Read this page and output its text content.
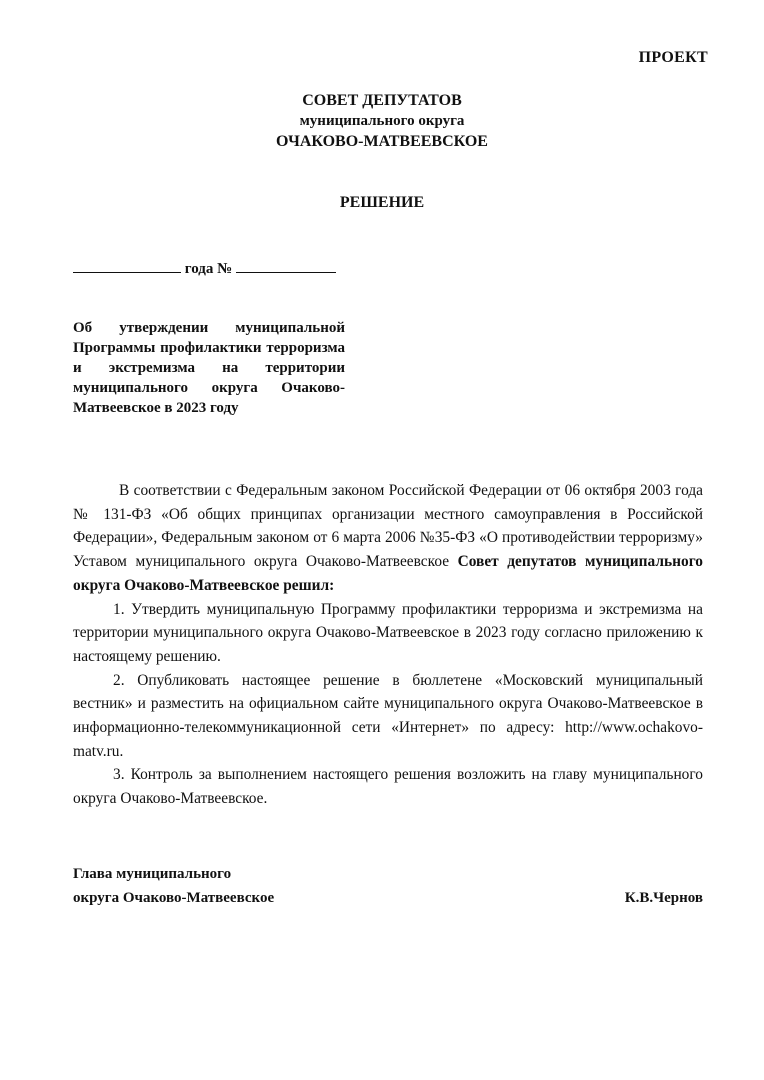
ПРОЕКТ
СОВЕТ ДЕПУТАТОВ
муниципального округа
ОЧАКОВО-МАТВЕЕВСКОЕ
РЕШЕНИЕ
года №
Об утверждении муниципальной Программы профилактики терроризма и экстремизма на территории муниципального округа Очаково-Матвеевское в 2023 году

В соответствии с Федеральным законом Российской Федерации от 06 октября 2003 года № 131-ФЗ «Об общих принципах организации местного самоуправления в Российской Федерации», Федеральным законом от 6 марта 2006 №35-ФЗ «О противодействии терроризму» Уставом муниципального округа Очаково-Матвеевское Совет депутатов муниципального округа Очаково-Матвеевское решил:

1. Утвердить муниципальную Программу профилактики терроризма и экстремизма на территории муниципального округа Очаково-Матвеевское в 2023 году согласно приложению к настоящему решению.

2. Опубликовать настоящее решение в бюллетене «Московский муниципальный вестник» и разместить на официальном сайте муниципального округа Очаково-Матвеевское в информационно-телекоммуникационной сети «Интернет» по адресу: http://www.ochakovo-matv.ru.

3. Контроль за выполнением настоящего решения возложить на главу муниципального округа Очаково-Матвеевское.

Глава муниципального
округа Очаково-Матвеевское	К.В.Чернов
